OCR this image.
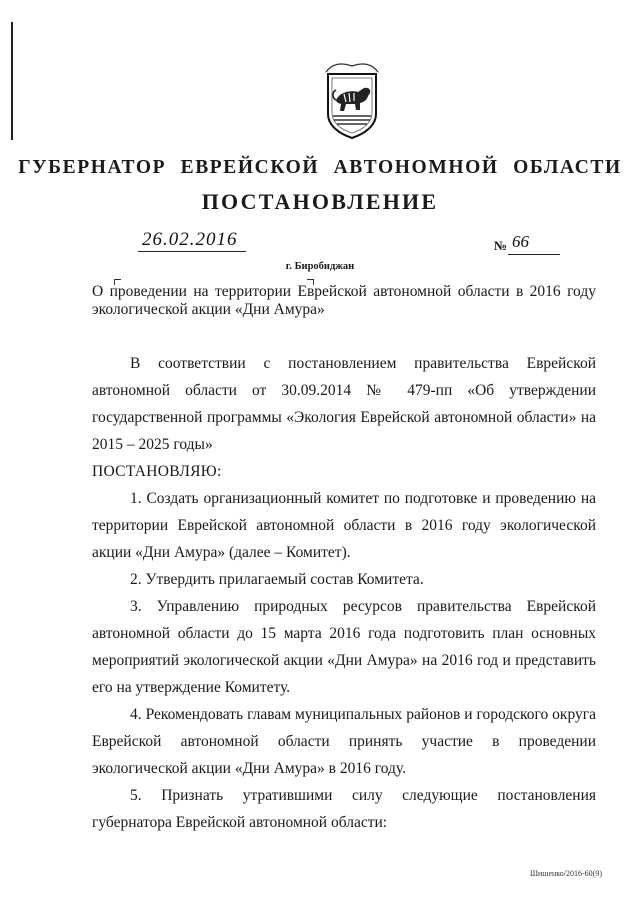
ГУБЕРНАТОР ЕВРЕЙСКОЙ АВТОНОМНОЙ ОБЛАСТИ
ПОСТАНОВЛЕНИЕ
26.02.2016	№ 66
г. Биробиджан
О проведении на территории Еврейской автономной области в 2016 году экологической акции «Дни Амура»

В соответствии с постановлением правительства Еврейской автономной области от 30.09.2014 № 479-пп «Об утверждении государственной программы «Экология Еврейской автономной области» на 2015 – 2025 годы»

ПОСТАНОВЛЯЮ:

1. Создать организационный комитет по подготовке и проведению на территории Еврейской автономной области в 2016 году экологической акции «Дни Амура» (далее – Комитет).

2. Утвердить прилагаемый состав Комитета.

3. Управлению природных ресурсов правительства Еврейской автономной области до 15 марта 2016 года подготовить план основных мероприятий экологической акции «Дни Амура» на 2016 год и представить его на утверждение Комитету.

4. Рекомендовать главам муниципальных районов и городского округа Еврейской автономной области принять участие в проведении экологической акции «Дни Амура» в 2016 году.

5. Признать утратившими силу следующие постановления губернатора Еврейской автономной области:

Шишенко/2016-60(9)
